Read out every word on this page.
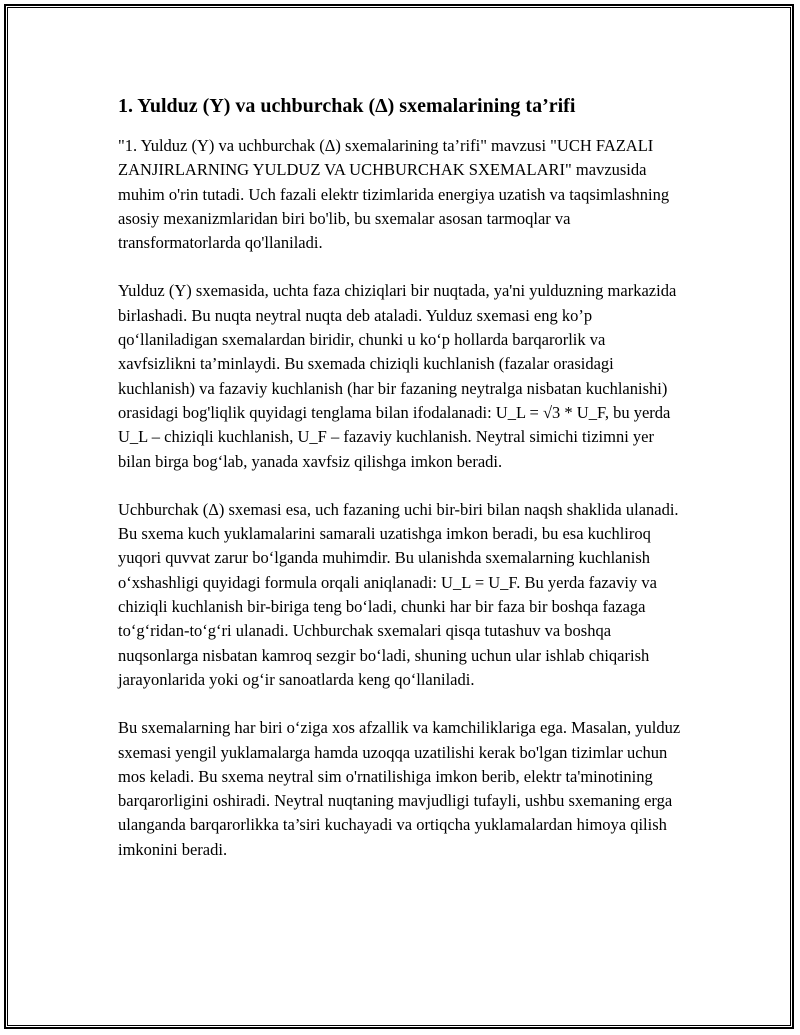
1. Yulduz (Y) va uchburchak (Δ) sxemalarining ta’rifi

"1. Yulduz (Y) va uchburchak (Δ) sxemalarining ta’rifi" mavzusi "UCH FAZALI ZANJIRLARNING YULDUZ VA UCHBURCHAK SXEMALARI" mavzusida muhim o'rin tutadi. Uch fazali elektr tizimlarida energiya uzatish va taqsimlashning asosiy mexanizmlaridan biri bo'lib, bu sxemalar asosan tarmoqlar va transformatorlarda qo'llaniladi.

Yulduz (Y) sxemasida, uchta faza chiziqlari bir nuqtada, ya'ni yulduzning markazida birlashadi. Bu nuqta neytral nuqta deb ataladi. Yulduz sxemasi eng ko’p qo‘llaniladigan sxemalardan biridir, chunki u ko‘p hollarda barqarorlik va xavfsizlikni ta’minlaydi. Bu sxemada chiziqli kuchlanish (fazalar orasidagi kuchlanish) va fazaviy kuchlanish (har bir fazaning neytralga nisbatan kuchlanishi) orasidagi bog'liqlik quyidagi tenglama bilan ifodalanadi: U_L = √3 * U_F, bu yerda U_L – chiziqli kuchlanish, U_F – fazaviy kuchlanish. Neytral simichi tizimni yer bilan birga bog‘lab, yanada xavfsiz qilishga imkon beradi.

Uchburchak (Δ) sxemasi esa, uch fazaning uchi bir-biri bilan naqsh shaklida ulanadi. Bu sxema kuch yuklamalarini samarali uzatishga imkon beradi, bu esa kuchliroq yuqori quvvat zarur bo‘lganda muhimdir. Bu ulanishda sxemalarning kuchlanish o‘xshashligi quyidagi formula orqali aniqlanadi: U_L = U_F. Bu yerda fazaviy va chiziqli kuchlanish bir-biriga teng bo‘ladi, chunki har bir faza bir boshqa fazaga to‘g‘ridan-to‘g‘ri ulanadi. Uchburchak sxemalari qisqa tutashuv va boshqa nuqsonlarga nisbatan kamroq sezgir bo‘ladi, shuning uchun ular ishlab chiqarish jarayonlarida yoki og‘ir sanoatlarda keng qo‘llaniladi.

Bu sxemalarning har biri o‘ziga xos afzallik va kamchiliklariga ega. Masalan, yulduz sxemasi yengil yuklamalarga hamda uzoqqa uzatilishi kerak bo'lgan tizimlar uchun mos keladi. Bu sxema neytral sim o'rnatilishiga imkon berib, elektr ta'minotining barqarorligini oshiradi. Neytral nuqtaning mavjudligi tufayli, ushbu sxemaning erga ulanganda barqarorlikka ta’siri kuchayadi va ortiqcha yuklamalardan himoya qilish imkonini beradi.
